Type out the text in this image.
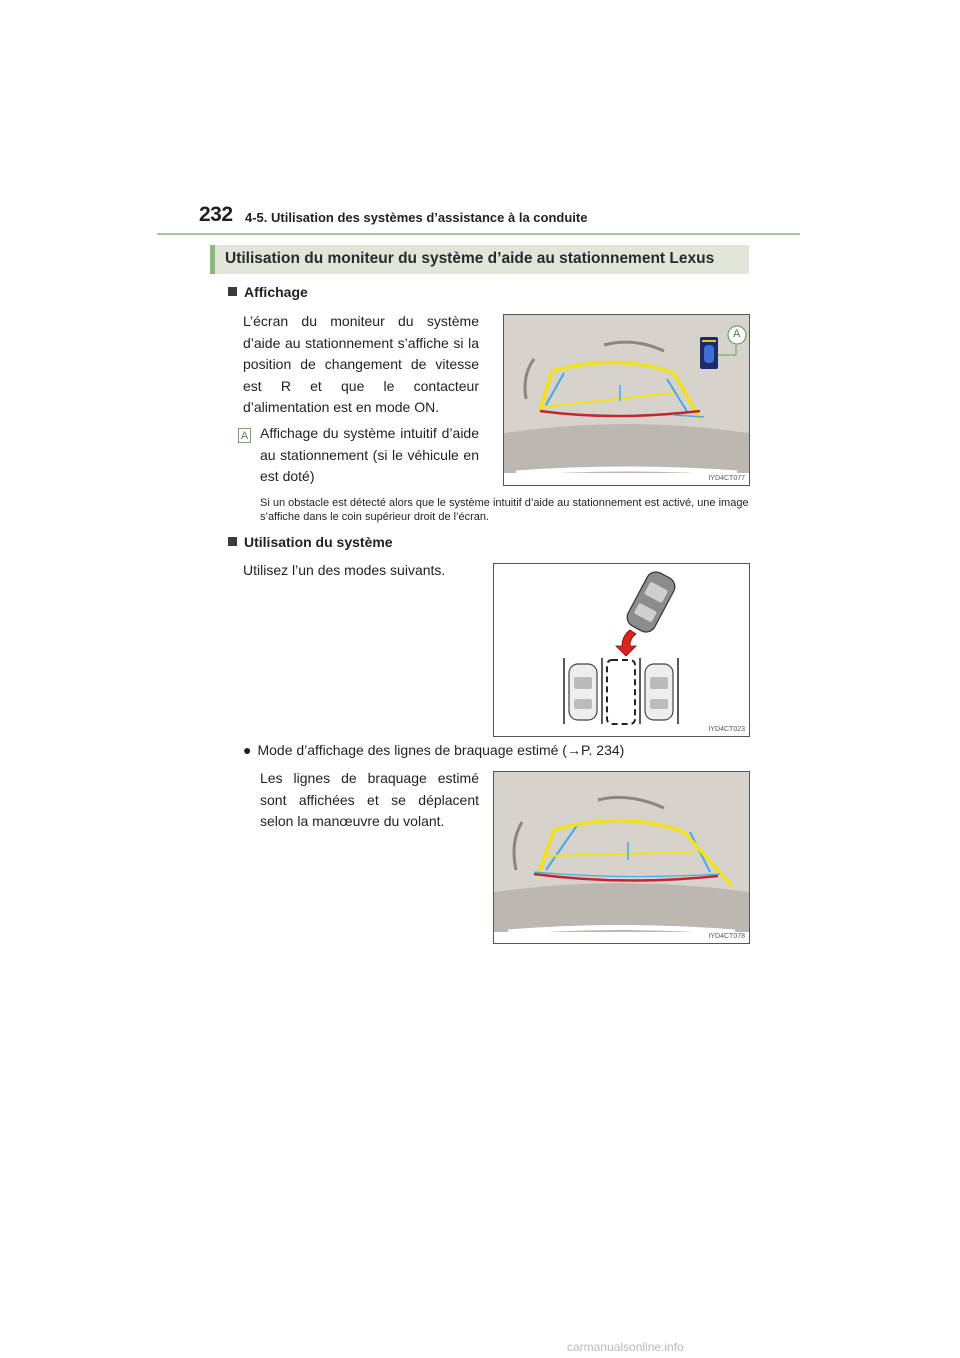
232 4-5. Utilisation des systèmes d’assistance à la conduite
Utilisation du moniteur du système d’aide au stationnement Lexus
Affichage
L’écran du moniteur du système d’aide au stationnement s’affiche si la position de changement de vitesse est R et que le contacteur d’alimentation est en mode ON.
A Affichage du système intuitif d’aide au stationnement (si le véhicule en est doté)
A
IYD4CT077
Si un obstacle est détecté alors que le système intuitif d’aide au stationnement est activé, une image s’affiche dans le coin supérieur droit de l’écran.
Utilisation du système
Utilisez l’un des modes suivants.
IYD4CT023
● Mode d’affichage des lignes de braquage estimé (→P. 234)
Les lignes de braquage estimé sont affichées et se déplacent selon la manœuvre du volant.
IYD4CT078
carmanualsonline.info
